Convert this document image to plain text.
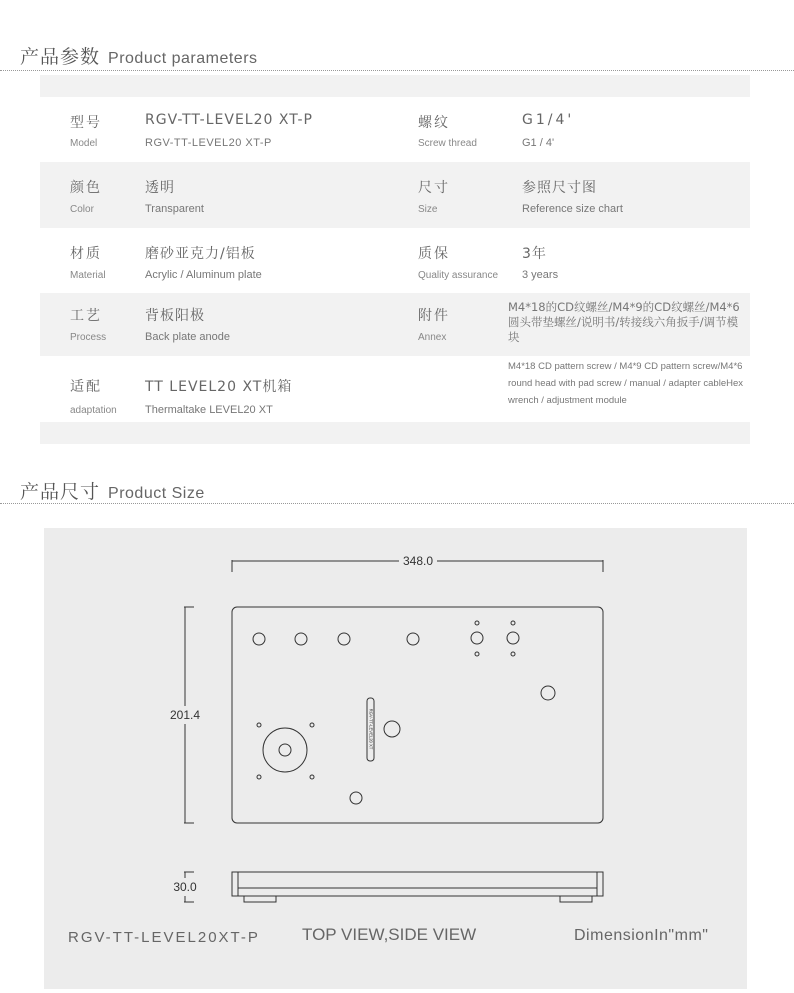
产品参数 Product parameters
型号
Model
RGV-TT-LEVEL20 XT-P
RGV-TT-LEVEL20 XT-P
螺纹
Screw thread
G1/4'
G1 / 4'
颜色
Color
透明
Transparent
尺寸
Size
参照尺寸图
Reference size chart
材质
Material
磨砂亚克力/铝板
Acrylic / Aluminum plate
质保
Quality assurance
3年
3 years
工艺
Process
背板阳极
Back plate anode
附件
Annex
M4*18的CD纹螺丝/M4*9的CD纹螺丝/M4*6圆头带垫螺丝/说明书/转接线六角扳手/调节模块
适配
adaptation
TT LEVEL20 XT机箱
Thermaltake LEVEL20 XT
M4*18 CD pattern screw / M4*9 CD pattern screw/M4*6 round head with pad screw / manual / adapter cableHex wrench / adjustment module
产品尺寸 Product Size
348.0
201.4
30.0
RGV-TT-LEVEL20 XT
RGV-TT-LEVEL20XT-P TOP VIEW,SIDE VIEW	DimensionIn"mm"
